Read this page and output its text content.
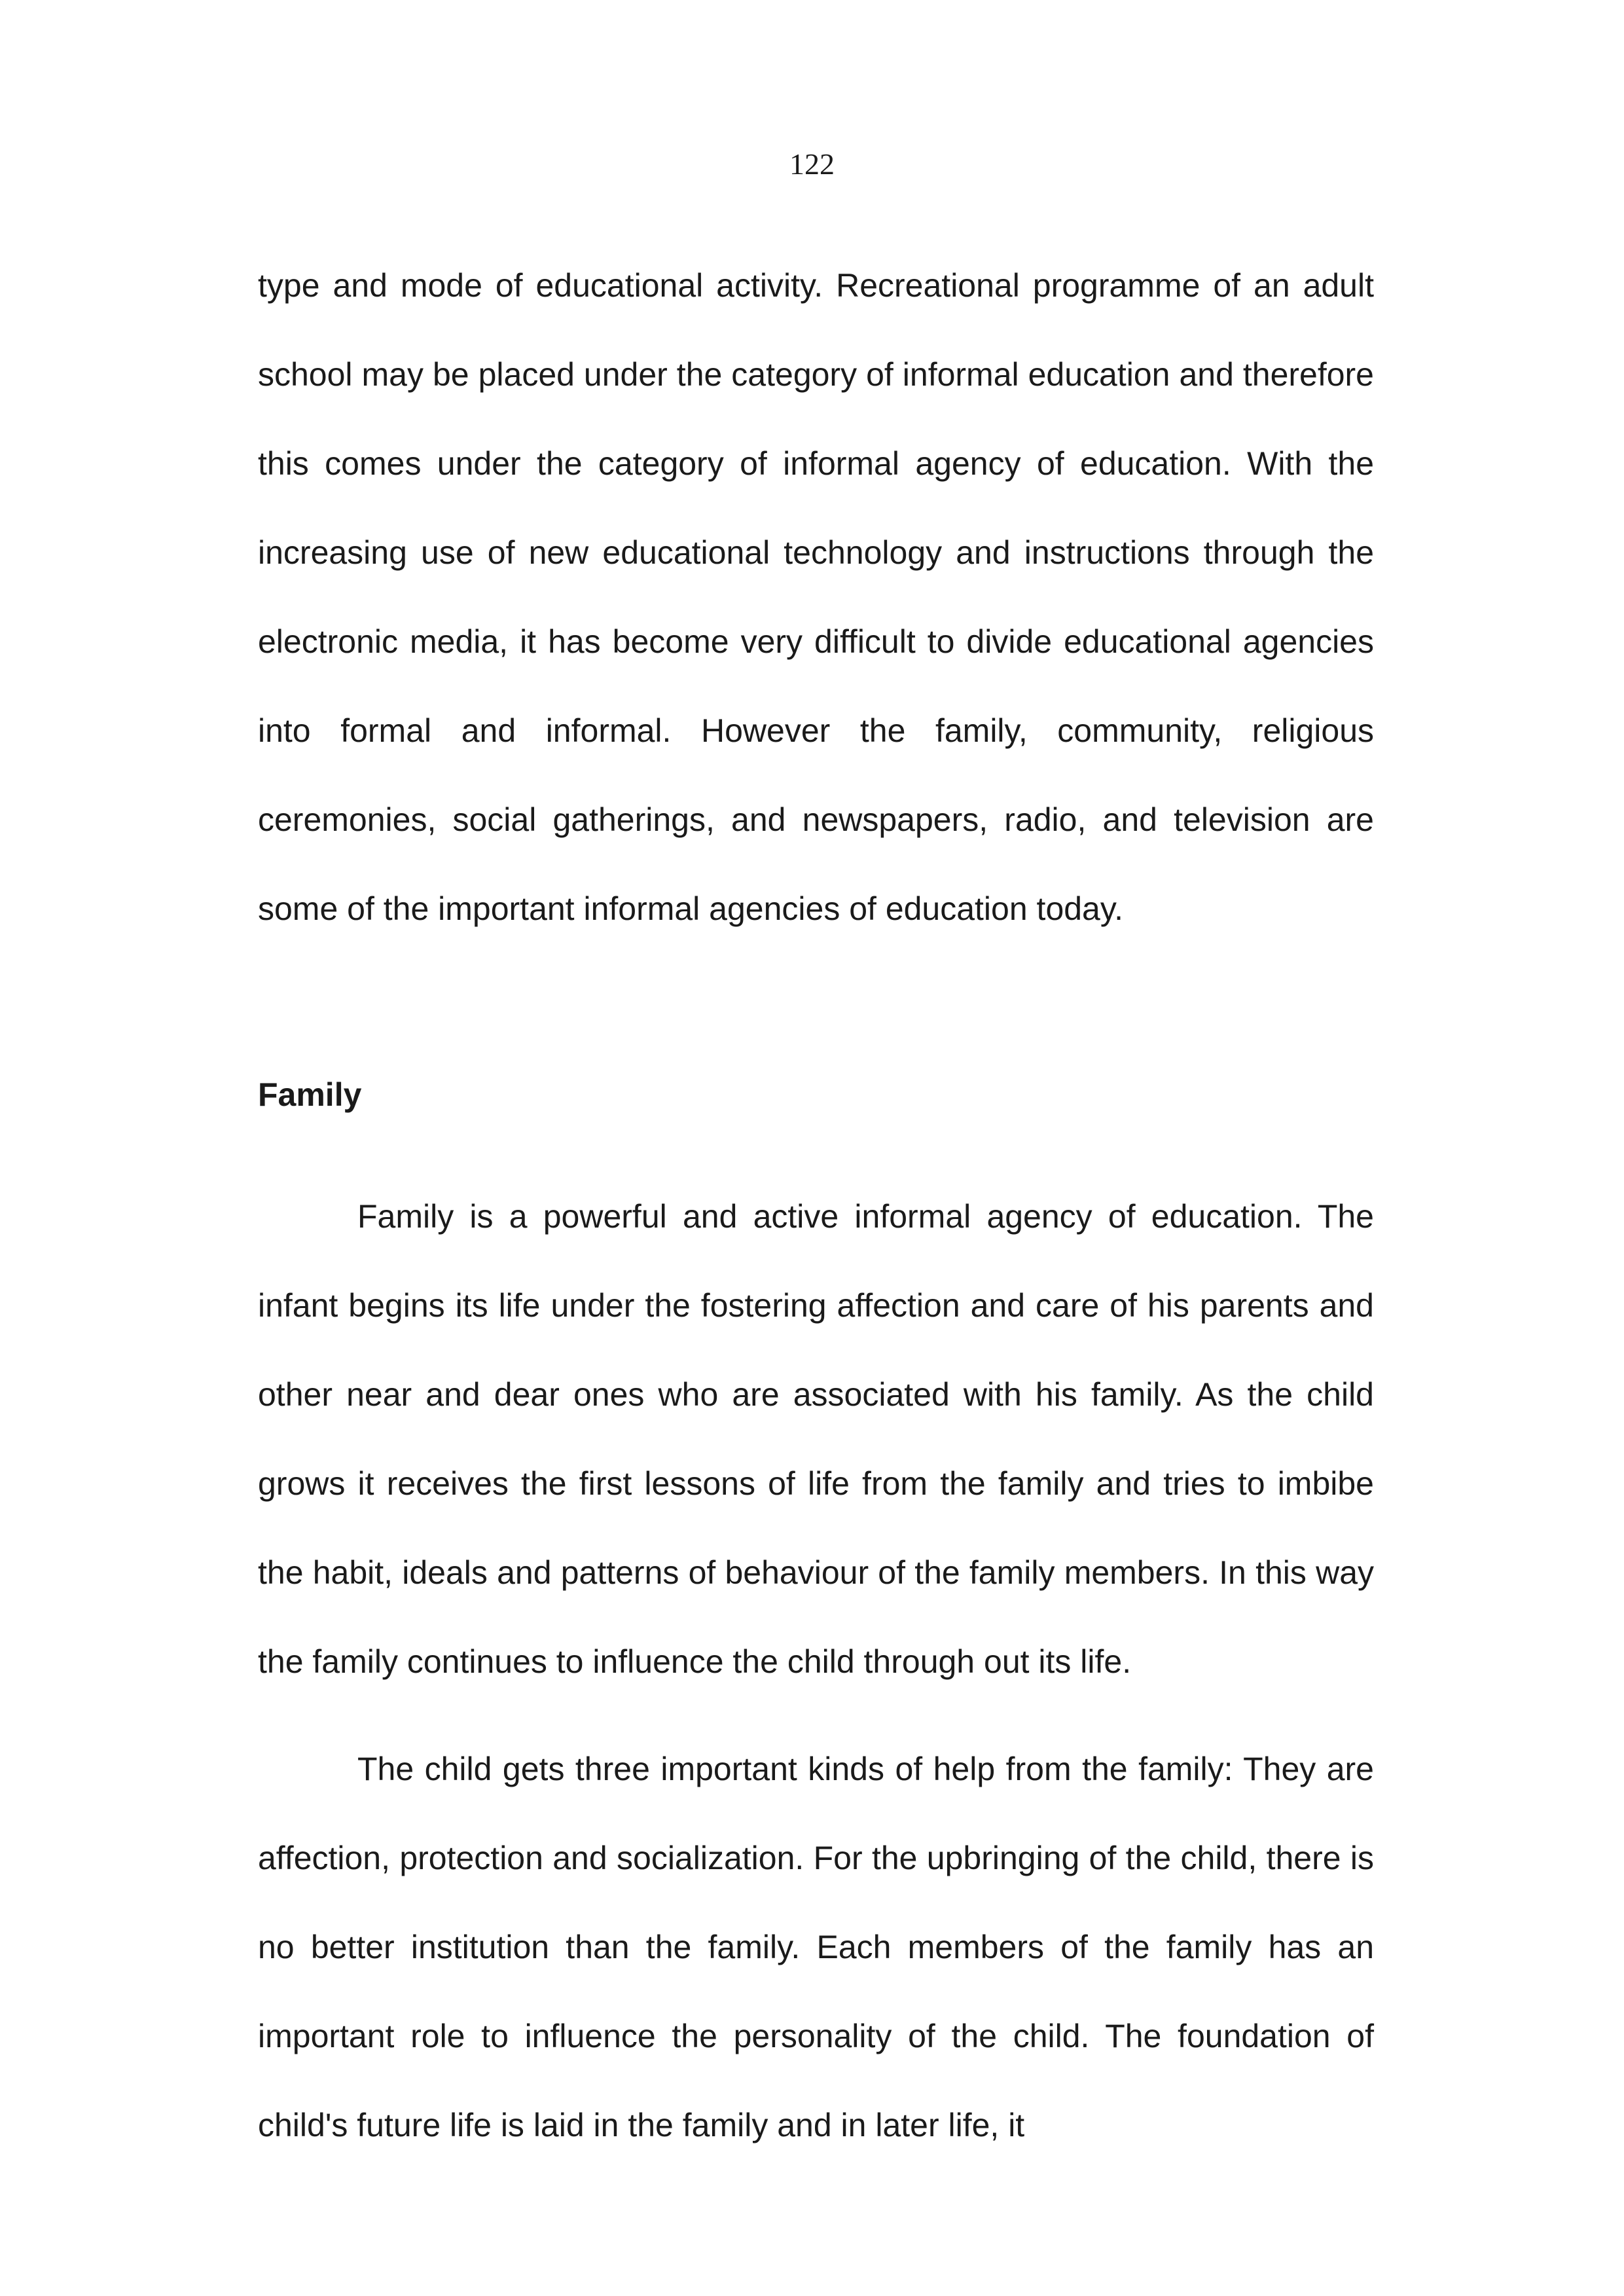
122

type and mode of educational activity. Recreational programme of an adult school may be placed under the category of informal education and therefore this comes under the category of informal agency of education. With the increasing use of new educational technology and instructions through the electronic media, it has become very difficult to divide educational agencies into formal and informal. However the family, community, religious ceremonies, social gatherings, and newspapers, radio, and television are some of the important informal agencies of education today.

Family

Family is a powerful and active informal agency of education. The infant begins its life under the fostering affection and care of his parents and other near and dear ones who are associated with his family. As the child grows it receives the first lessons of life from the family and tries to imbibe the habit, ideals and patterns of behaviour of the family members. In this way the family continues to influence the child through out its life.

The child gets three important kinds of help from the family: They are affection, protection and socialization. For the upbringing of the child, there is no better institution than the family. Each members of the family has an important role to influence the personality of the child. The foundation of child's future life is laid in the family and in later life, it
